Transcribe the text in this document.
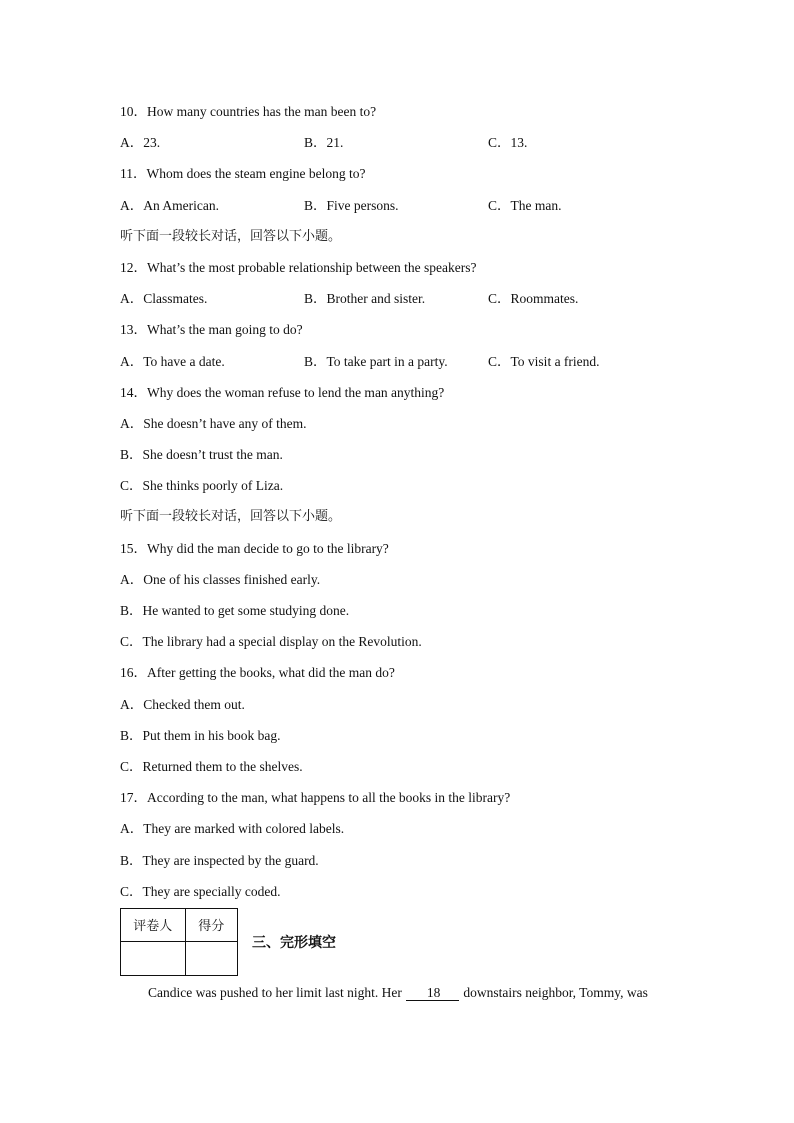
10．How many countries has the man been to?
A．23.	B．21.	C．13.
11．Whom does the steam engine belong to?
A．An American.	B．Five persons.	C．The man.
听下面一段较长对话，回答以下小题。
12．What’s the most probable relationship between the speakers?
A．Classmates.	B．Brother and sister.	C．Roommates.
13．What’s the man going to do?
A．To have a date.	B．To take part in a party.	C．To visit a friend.
14．Why does the woman refuse to lend the man anything?
A．She doesn’t have any of them.
B．She doesn’t trust the man.
C．She thinks poorly of Liza.
听下面一段较长对话，回答以下小题。
15．Why did the man decide to go to the library?
A．One of his classes finished early.
B．He wanted to get some studying done.
C．The library had a special display on the Revolution.
16．After getting the books, what did the man do?
A．Checked them out.
B．Put them in his book bag.
C．Returned them to the shelves.
17．According to the man, what happens to all the books in the library?
A．They are marked with colored labels.
B．They are inspected by the guard.
C．They are specially coded.
评卷人	得分

三、完形填空
Candice was pushed to her limit last night. Her 18 downstairs neighbor, Tommy, was
